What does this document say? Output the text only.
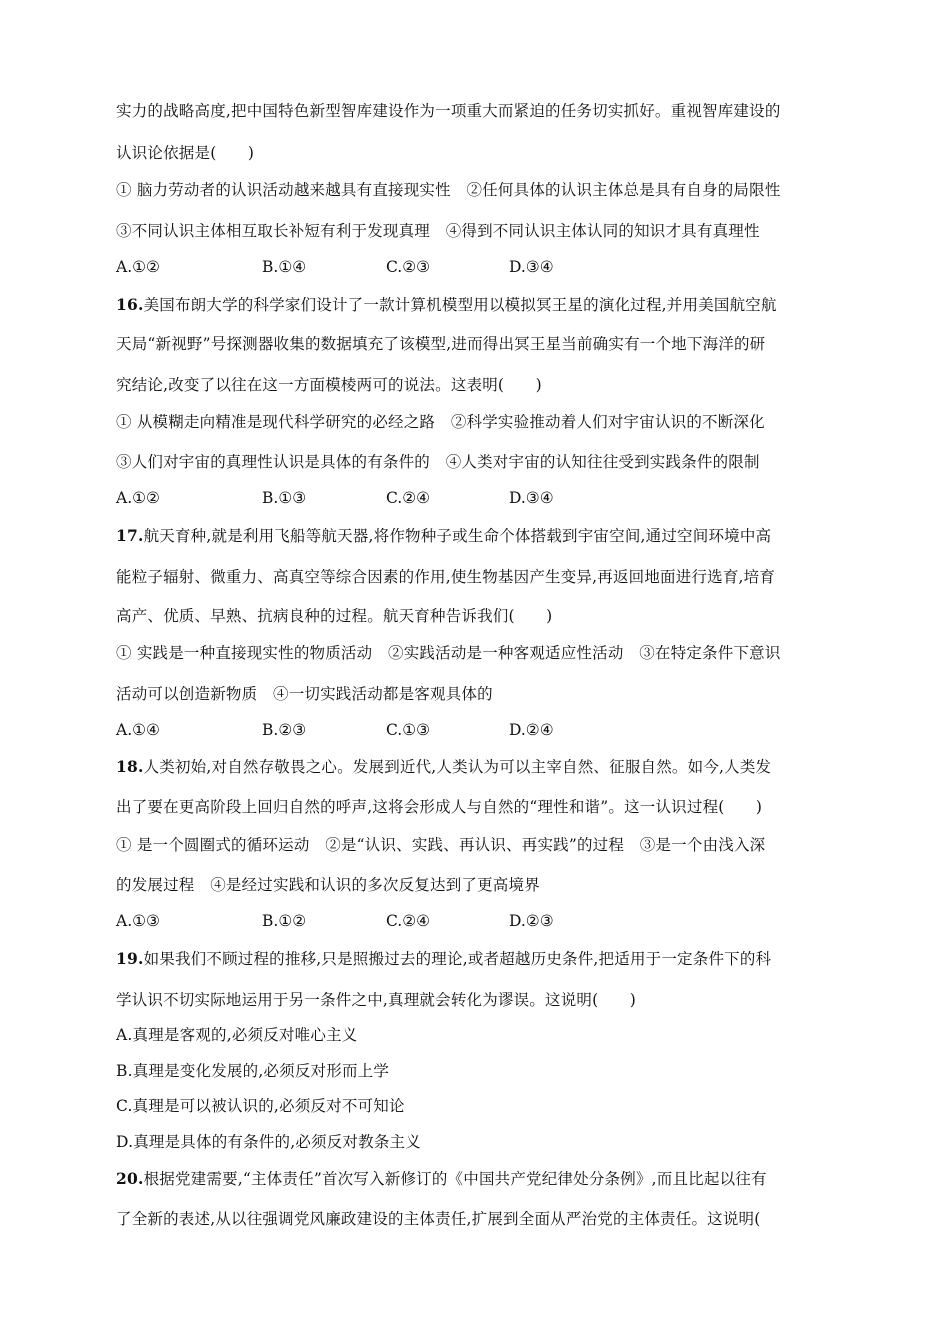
实力的战略高度,把中国特色新型智库建设作为一项重大而紧迫的任务切实抓好。重视智库建设的
认识论依据是(　　)
① 脑力劳动者的认识活动越来越具有直接现实性　②任何具体的认识主体总是具有自身的局限性
③不同认识主体相互取长补短有利于发现真理　④得到不同认识主体认同的知识才具有真理性
A.①②	B.①④	C.②③	D.③④
16.美国布朗大学的科学家们设计了一款计算机模型用以模拟冥王星的演化过程,并用美国航空航
天局“新视野”号探测器收集的数据填充了该模型,进而得出冥王星当前确实有一个地下海洋的研
究结论,改变了以往在这一方面模棱两可的说法。这表明(　　)
① 从模糊走向精准是现代科学研究的必经之路　②科学实验推动着人们对宇宙认识的不断深化
③人们对宇宙的真理性认识是具体的有条件的　④人类对宇宙的认知往往受到实践条件的限制
A.①②	B.①③	C.②④	D.③④
17.航天育种,就是利用飞船等航天器,将作物种子或生命个体搭载到宇宙空间,通过空间环境中高
能粒子辐射、微重力、高真空等综合因素的作用,使生物基因产生变异,再返回地面进行选育,培育
高产、优质、早熟、抗病良种的过程。航天育种告诉我们(　　)
① 实践是一种直接现实性的物质活动　②实践活动是一种客观适应性活动　③在特定条件下意识
活动可以创造新物质　④一切实践活动都是客观具体的
A.①④	B.②③	C.①③	D.②④
18.人类初始,对自然存敬畏之心。发展到近代,人类认为可以主宰自然、征服自然。如今,人类发
出了要在更高阶段上回归自然的呼声,这将会形成人与自然的“理性和谐”。这一认识过程(　　)
① 是一个圆圈式的循环运动　②是“认识、实践、再认识、再实践”的过程　③是一个由浅入深
的发展过程　④是经过实践和认识的多次反复达到了更高境界
A.①③	B.①②	C.②④	D.②③
19.如果我们不顾过程的推移,只是照搬过去的理论,或者超越历史条件,把适用于一定条件下的科
学认识不切实际地运用于另一条件之中,真理就会转化为谬误。这说明(　　)
A.真理是客观的,必须反对唯心主义
B.真理是变化发展的,必须反对形而上学
C.真理是可以被认识的,必须反对不可知论
D.真理是具体的有条件的,必须反对教条主义
20.根据党建需要,“主体责任”首次写入新修订的《中国共产党纪律处分条例》,而且比起以往有
了全新的表述,从以往强调党风廉政建设的主体责任,扩展到全面从严治党的主体责任。这说明(
